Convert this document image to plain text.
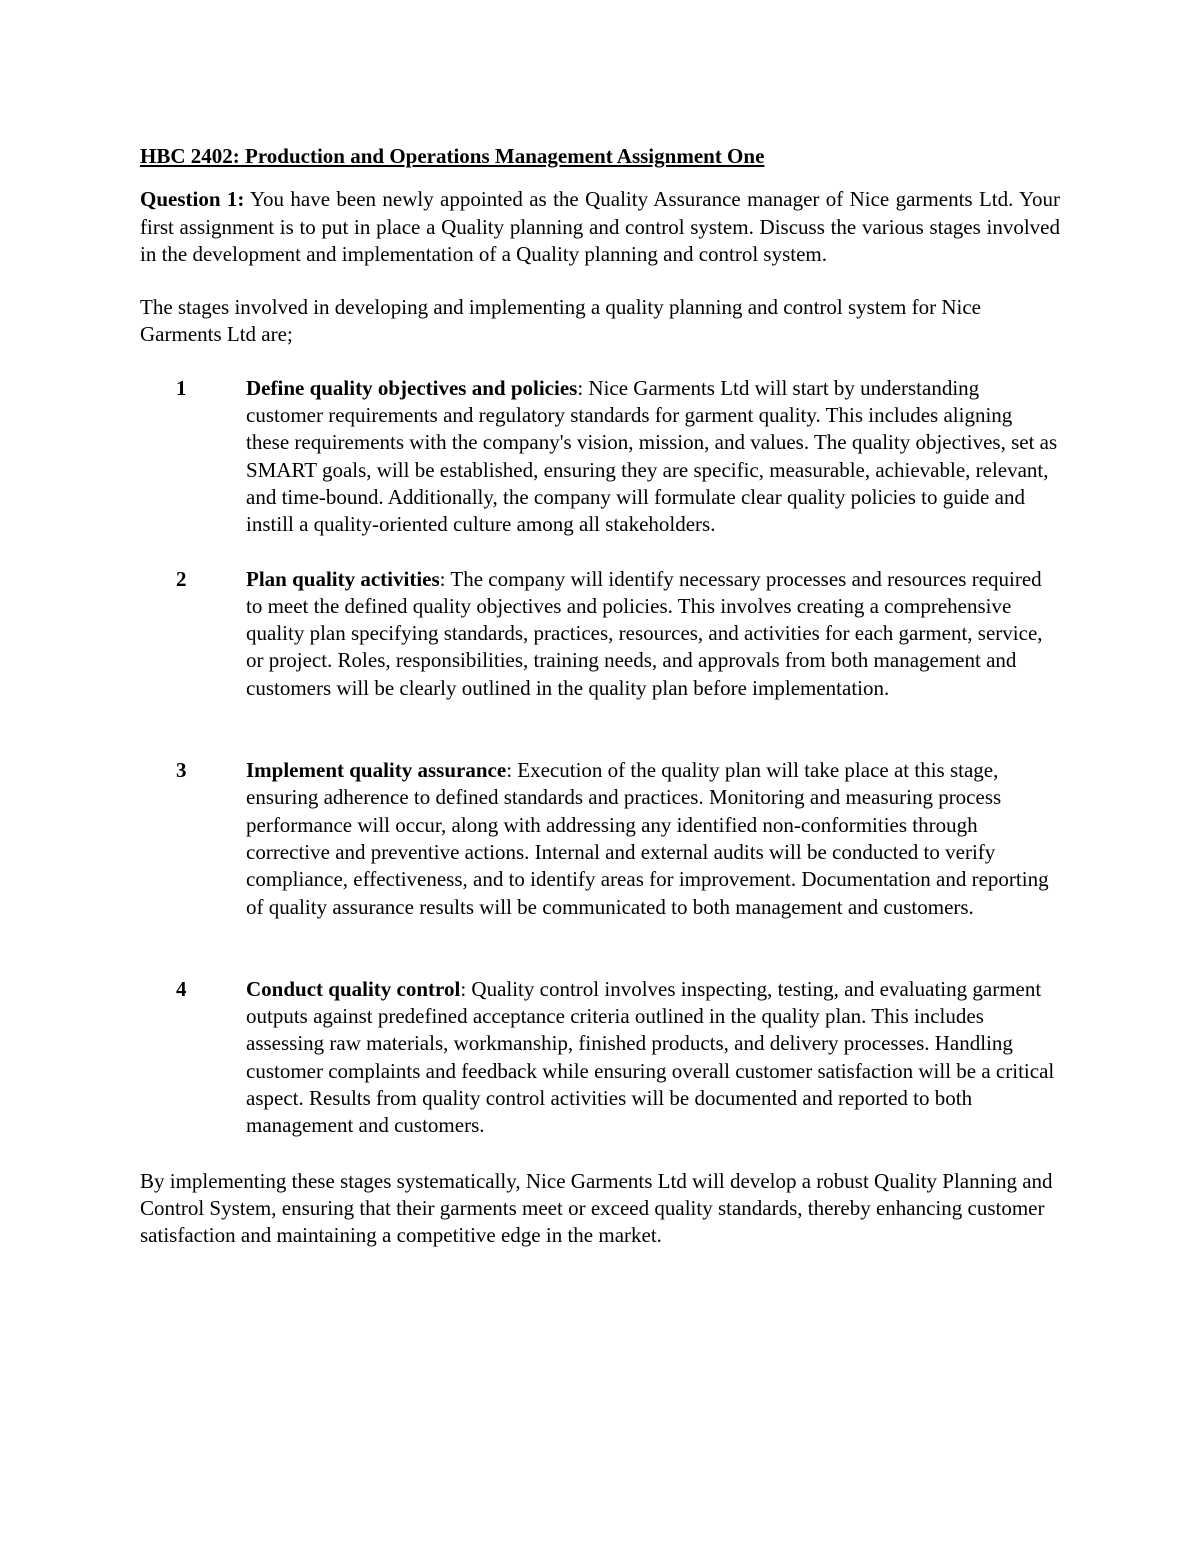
HBC 2402: Production and Operations Management Assignment One
Question 1: You have been newly appointed as the Quality Assurance manager of Nice garments Ltd. Your first assignment is to put in place a Quality planning and control system. Discuss the various stages involved in the development and implementation of a Quality planning and control system.
The stages involved in developing and implementing a quality planning and control system for Nice Garments Ltd are;
1	Define quality objectives and policies: Nice Garments Ltd will start by understanding customer requirements and regulatory standards for garment quality. This includes aligning these requirements with the company's vision, mission, and values. The quality objectives, set as SMART goals, will be established, ensuring they are specific, measurable, achievable, relevant, and time-bound. Additionally, the company will formulate clear quality policies to guide and instill a quality-oriented culture among all stakeholders.
2	Plan quality activities: The company will identify necessary processes and resources required to meet the defined quality objectives and policies. This involves creating a comprehensive quality plan specifying standards, practices, resources, and activities for each garment, service, or project. Roles, responsibilities, training needs, and approvals from both management and customers will be clearly outlined in the quality plan before implementation.
3	Implement quality assurance: Execution of the quality plan will take place at this stage, ensuring adherence to defined standards and practices. Monitoring and measuring process performance will occur, along with addressing any identified non-conformities through corrective and preventive actions. Internal and external audits will be conducted to verify compliance, effectiveness, and to identify areas for improvement. Documentation and reporting of quality assurance results will be communicated to both management and customers.
4	Conduct quality control: Quality control involves inspecting, testing, and evaluating garment outputs against predefined acceptance criteria outlined in the quality plan. This includes assessing raw materials, workmanship, finished products, and delivery processes. Handling customer complaints and feedback while ensuring overall customer satisfaction will be a critical aspect. Results from quality control activities will be documented and reported to both management and customers.
By implementing these stages systematically, Nice Garments Ltd will develop a robust Quality Planning and Control System, ensuring that their garments meet or exceed quality standards, thereby enhancing customer satisfaction and maintaining a competitive edge in the market.
